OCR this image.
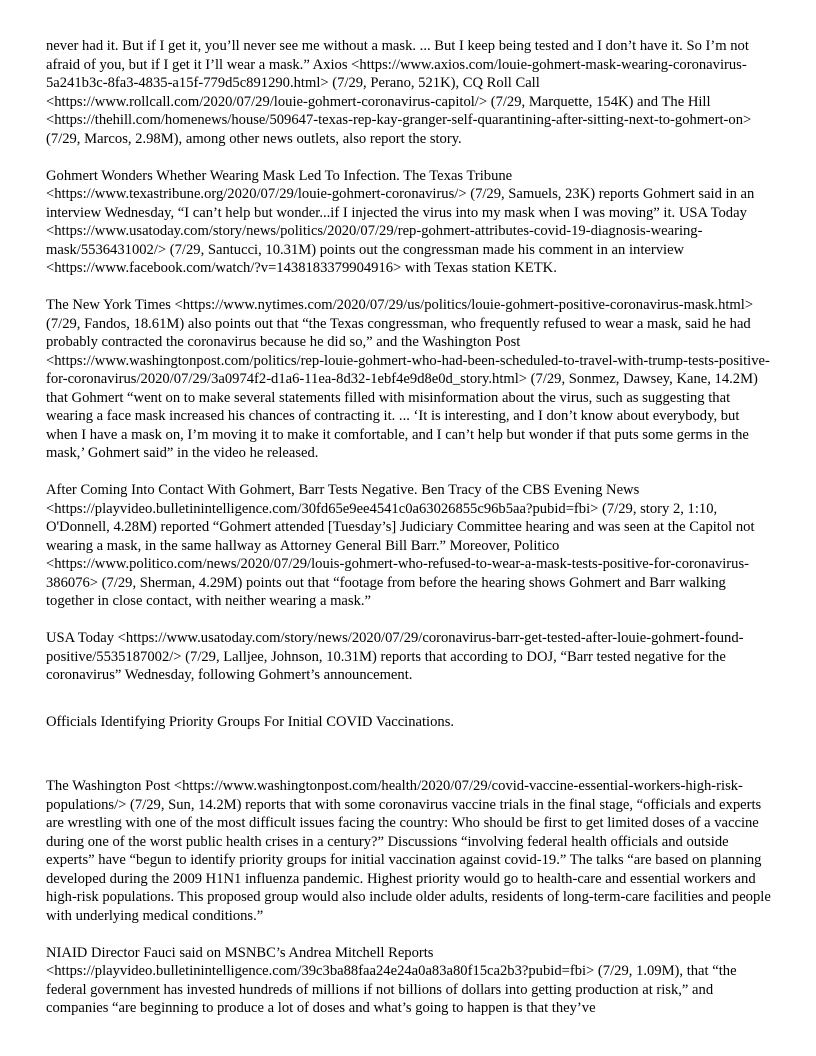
never had it. But if I get it, you’ll never see me without a mask. ... But I keep being tested and I don’t have it. So I’m not afraid of you, but if I get it I’ll wear a mask.” Axios <https://www.axios.com/louie-gohmert-mask-wearing-coronavirus-5a241b3c-8fa3-4835-a15f-779d5c891290.html> (7/29, Perano, 521K), CQ Roll Call <https://www.rollcall.com/2020/07/29/louie-gohmert-coronavirus-capitol/> (7/29, Marquette, 154K) and The Hill <https://thehill.com/homenews/house/509647-texas-rep-kay-granger-self-quarantining-after-sitting-next-to-gohmert-on> (7/29, Marcos, 2.98M), among other news outlets, also report the story.

Gohmert Wonders Whether Wearing Mask Led To Infection. The Texas Tribune <https://www.texastribune.org/2020/07/29/louie-gohmert-coronavirus/> (7/29, Samuels, 23K) reports Gohmert said in an interview Wednesday, “I can’t help but wonder...if I injected the virus into my mask when I was moving” it. USA Today <https://www.usatoday.com/story/news/politics/2020/07/29/rep-gohmert-attributes-covid-19-diagnosis-wearing-mask/5536431002/> (7/29, Santucci, 10.31M) points out the congressman made his comment in an interview <https://www.facebook.com/watch/?v=1438183379904916> with Texas station KETK.

The New York Times <https://www.nytimes.com/2020/07/29/us/politics/louie-gohmert-positive-coronavirus-mask.html> (7/29, Fandos, 18.61M) also points out that “the Texas congressman, who frequently refused to wear a mask, said he had probably contracted the coronavirus because he did so,” and the Washington Post <https://www.washingtonpost.com/politics/rep-louie-gohmert-who-had-been-scheduled-to-travel-with-trump-tests-positive-for-coronavirus/2020/07/29/3a0974f2-d1a6-11ea-8d32-1ebf4e9d8e0d_story.html> (7/29, Sonmez, Dawsey, Kane, 14.2M) that Gohmert “went on to make several statements filled with misinformation about the virus, such as suggesting that wearing a face mask increased his chances of contracting it. ... ‘It is interesting, and I don’t know about everybody, but when I have a mask on, I’m moving it to make it comfortable, and I can’t help but wonder if that puts some germs in the mask,’ Gohmert said” in the video he released.

After Coming Into Contact With Gohmert, Barr Tests Negative. Ben Tracy of the CBS Evening News <https://playvideo.bulletinintelligence.com/30fd65e9ee4541c0a63026855c96b5aa?pubid=fbi> (7/29, story 2, 1:10, O'Donnell, 4.28M) reported “Gohmert attended [Tuesday’s] Judiciary Committee hearing and was seen at the Capitol not wearing a mask, in the same hallway as Attorney General Bill Barr.” Moreover, Politico <https://www.politico.com/news/2020/07/29/louis-gohmert-who-refused-to-wear-a-mask-tests-positive-for-coronavirus-386076> (7/29, Sherman, 4.29M) points out that “footage from before the hearing shows Gohmert and Barr walking together in close contact, with neither wearing a mask.”

USA Today <https://www.usatoday.com/story/news/2020/07/29/coronavirus-barr-get-tested-after-louie-gohmert-found-positive/5535187002/> (7/29, Lalljee, Johnson, 10.31M) reports that according to DOJ, “Barr tested negative for the coronavirus” Wednesday, following Gohmert’s announcement.

Officials Identifying Priority Groups For Initial COVID Vaccinations.

The Washington Post <https://www.washingtonpost.com/health/2020/07/29/covid-vaccine-essential-workers-high-risk-populations/> (7/29, Sun, 14.2M) reports that with some coronavirus vaccine trials in the final stage, “officials and experts are wrestling with one of the most difficult issues facing the country: Who should be first to get limited doses of a vaccine during one of the worst public health crises in a century?” Discussions “involving federal health officials and outside experts” have “begun to identify priority groups for initial vaccination against covid-19.” The talks “are based on planning developed during the 2009 H1N1 influenza pandemic. Highest priority would go to health-care and essential workers and high-risk populations. This proposed group would also include older adults, residents of long-term-care facilities and people with underlying medical conditions.”

NIAID Director Fauci said on MSNBC’s Andrea Mitchell Reports <https://playvideo.bulletinintelligence.com/39c3ba88faa24e24a0a83a80f15ca2b3?pubid=fbi> (7/29, 1.09M), that “the federal government has invested hundreds of millions if not billions of dollars into getting production at risk,” and companies “are beginning to produce a lot of doses and what’s going to happen is that they’ve
